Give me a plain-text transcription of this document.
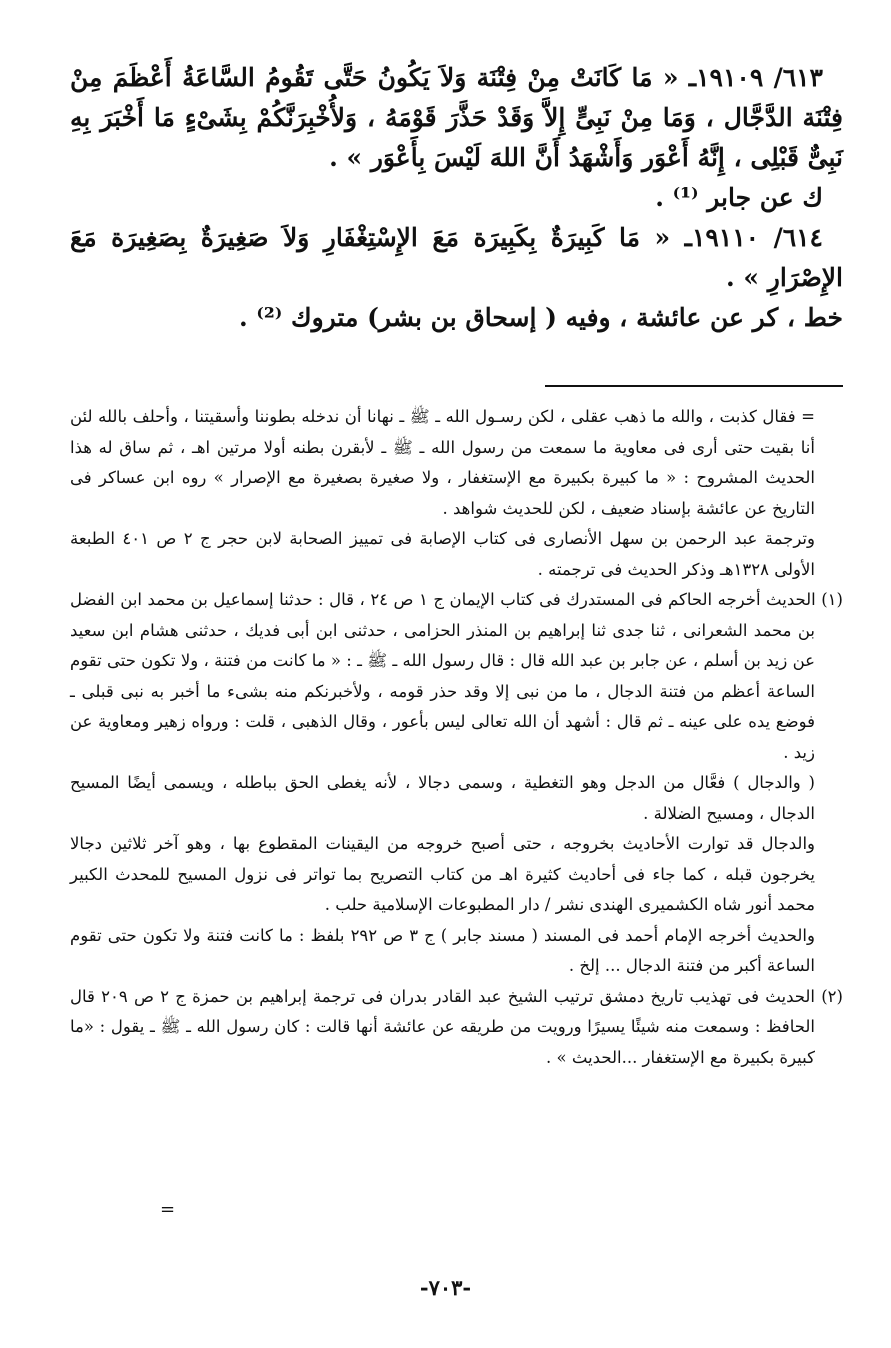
٦١٣/ ١٩١٠٩ـ « مَا كَانَتْ مِنْ فِتْنَة وَلاَ يَكُونُ حَتَّى تَقُومُ السَّاعَةُ أَعْظَمَ مِنْ فِتْنَة الدَّجَّال ، وَمَا مِنْ نَبِىٍّ إِلاَّ وَقَدْ حَذَّرَ قَوْمَهُ ، وَلأُخْبِرَنَّكُمْ بِشَىْءٍ مَا أَخْبَرَ بِهِ نَبِىٌّ قَبْلِى ، إِنَّهُ أَعْوَر وَأَشْهَدُ أَنَّ اللهَ لَيْسَ بِأَعْوَر » .

ك عن جابر ⁽¹⁾ .

٦١٤/ ١٩١١٠ـ « مَا كَبِيرَةٌ بِكَبِيرَة مَعَ الإِسْتِغْفَارِ وَلاَ صَغِيرَةٌ بِصَغِيرَة مَعَ الإِصْرَارِ » .

خط ، كر عن عائشة ، وفيه ( إسحاق بن بشر) متروك ⁽²⁾ .

= فقال كذبت ، والله ما ذهب عقلى ، لكن رسـول الله ـ ﷺ ـ نهانا أن ندخله بطوننا وأسقيتنا ، وأحلف بالله لئن أنا بقيت حتى أرى فى معاوية ما سمعت من رسول الله ـ ﷺ ـ لأبقرن بطنه أولا مرتين اهـ ، ثم ساق له هذا الحديث المشروح : « ما كبيرة بكبيرة مع الإستغفار ، ولا صغيرة بصغيرة مع الإصرار » روه ابن عساكر فى التاريخ عن عائشة بإسناد ضعيف ، لكن للحديث شواهد .

وترجمة عبد الرحمن بن سهل الأنصارى فى كتاب الإصابة فى تمييز الصحابة لابن حجر ج ٢ ص ٤٠١ الطبعة الأولى ١٣٢٨هـ وذكر الحديث فى ترجمته .

(١) الحديث أخرجه الحاكم فى المستدرك فى كتاب الإيمان ج ١ ص ٢٤ ، قال : حدثنا إسماعيل بن محمد ابن الفضل بن محمد الشعرانى ، ثنا جدى ثنا إبراهيم بن المنذر الحزامى ، حدثنى ابن أبى فديك ، حدثنى هشام ابن سعيد عن زيد بن أسلم ، عن جابر بن عبد الله قال : قال رسول الله ـ ﷺ ـ : « ما كانت من فتنة ، ولا تكون حتى تقوم الساعة أعظم من فتنة الدجال ، ما من نبى إلا وقد حذر قومه ، ولأخبرنكم منه بشىء ما أخبر به نبى قبلى ـ فوضع يده على عينه ـ ثم قال : أشهد أن الله تعالى ليس بأعور ، وقال الذهبى ، قلت : ورواه زهير ومعاوية عن زيد .

( والدجال ) فعَّال من الدجل وهو التغطية ، وسمى دجالا ، لأنه يغطى الحق بباطله ، ويسمى أيضًا المسيح الدجال ، ومسيح الضلالة .

والدجال قد توارت الأحاديث بخروجه ، حتى أصبح خروجه من اليقينات المقطوع بها ، وهو آخر ثلاثين دجالا يخرجون قبله ، كما جاء فى أحاديث كثيرة اهـ من كتاب التصريح بما تواتر فى نزول المسيح للمحدث الكبير محمد أنور شاه الكشميرى الهندى نشر / دار المطبوعات الإسلامية حلب .

والحديث أخرجه الإمام أحمد فى المسند ( مسند جابر ) ج ٣ ص ٢٩٢ بلفظ : ما كانت فتنة ولا تكون حتى تقوم الساعة أكبر من فتنة الدجال ... إلخ .

(٢) الحديث فى تهذيب تاريخ دمشق ترتيب الشيخ عبد القادر بدران فى ترجمة إبراهيم بن حمزة ج ٢ ص ٢٠٩ قال الحافظ : وسمعت منه شيئًا يسيرًا ورويت من طريقه عن عائشة أنها قالت : كان رسول الله ـ ﷺ ـ يقول : «ما كبيرة بكبيرة مع الإستغفار ...الحديث » .

=
-٧٠٣-
